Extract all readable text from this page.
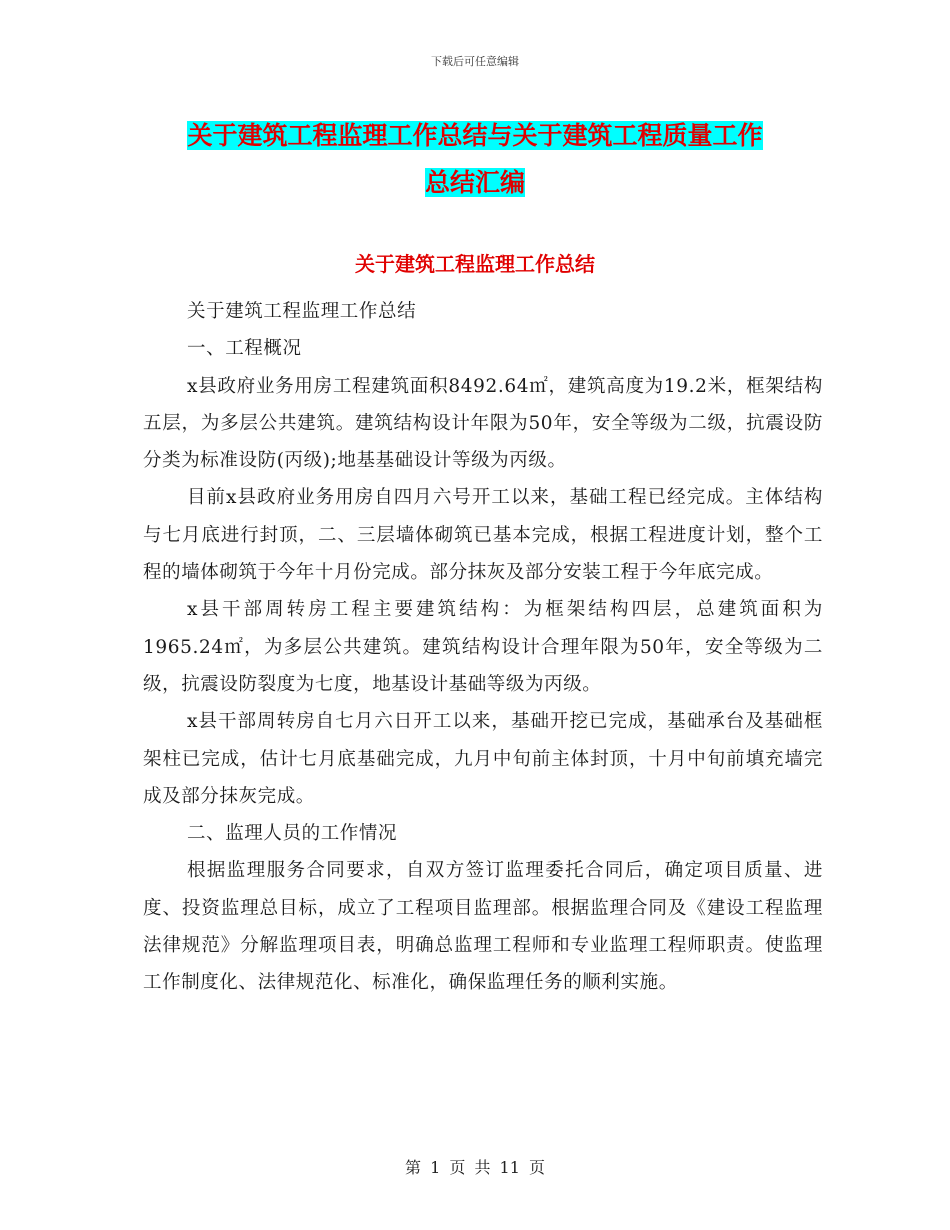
下载后可任意编辑
关于建筑工程监理工作总结与关于建筑工程质量工作
总结汇编
关于建筑工程监理工作总结

关于建筑工程监理工作总结

一、工程概况

x县政府业务用房工程建筑面积8492.64㎡，建筑高度为19.2米，框架结构五层，为多层公共建筑。建筑结构设计年限为50年，安全等级为二级，抗震设防分类为标准设防(丙级);地基基础设计等级为丙级。

目前x县政府业务用房自四月六号开工以来，基础工程已经完成。主体结构与七月底进行封顶，二、三层墙体砌筑已基本完成，根据工程进度计划，整个工程的墙体砌筑于今年十月份完成。部分抹灰及部分安装工程于今年底完成。

x县干部周转房工程主要建筑结构：为框架结构四层，总建筑面积为1965.24㎡，为多层公共建筑。建筑结构设计合理年限为50年，安全等级为二级，抗震设防裂度为七度，地基设计基础等级为丙级。

x县干部周转房自七月六日开工以来，基础开挖已完成，基础承台及基础框架柱已完成，估计七月底基础完成，九月中旬前主体封顶，十月中旬前填充墙完成及部分抹灰完成。

二、监理人员的工作情况

根据监理服务合同要求，自双方签订监理委托合同后，确定项目质量、进度、投资监理总目标，成立了工程项目监理部。根据监理合同及《建设工程监理法律规范》分解监理项目表，明确总监理工程师和专业监理工程师职责。使监理工作制度化、法律规范化、标准化，确保监理任务的顺利实施。

第 1 页 共 11 页
